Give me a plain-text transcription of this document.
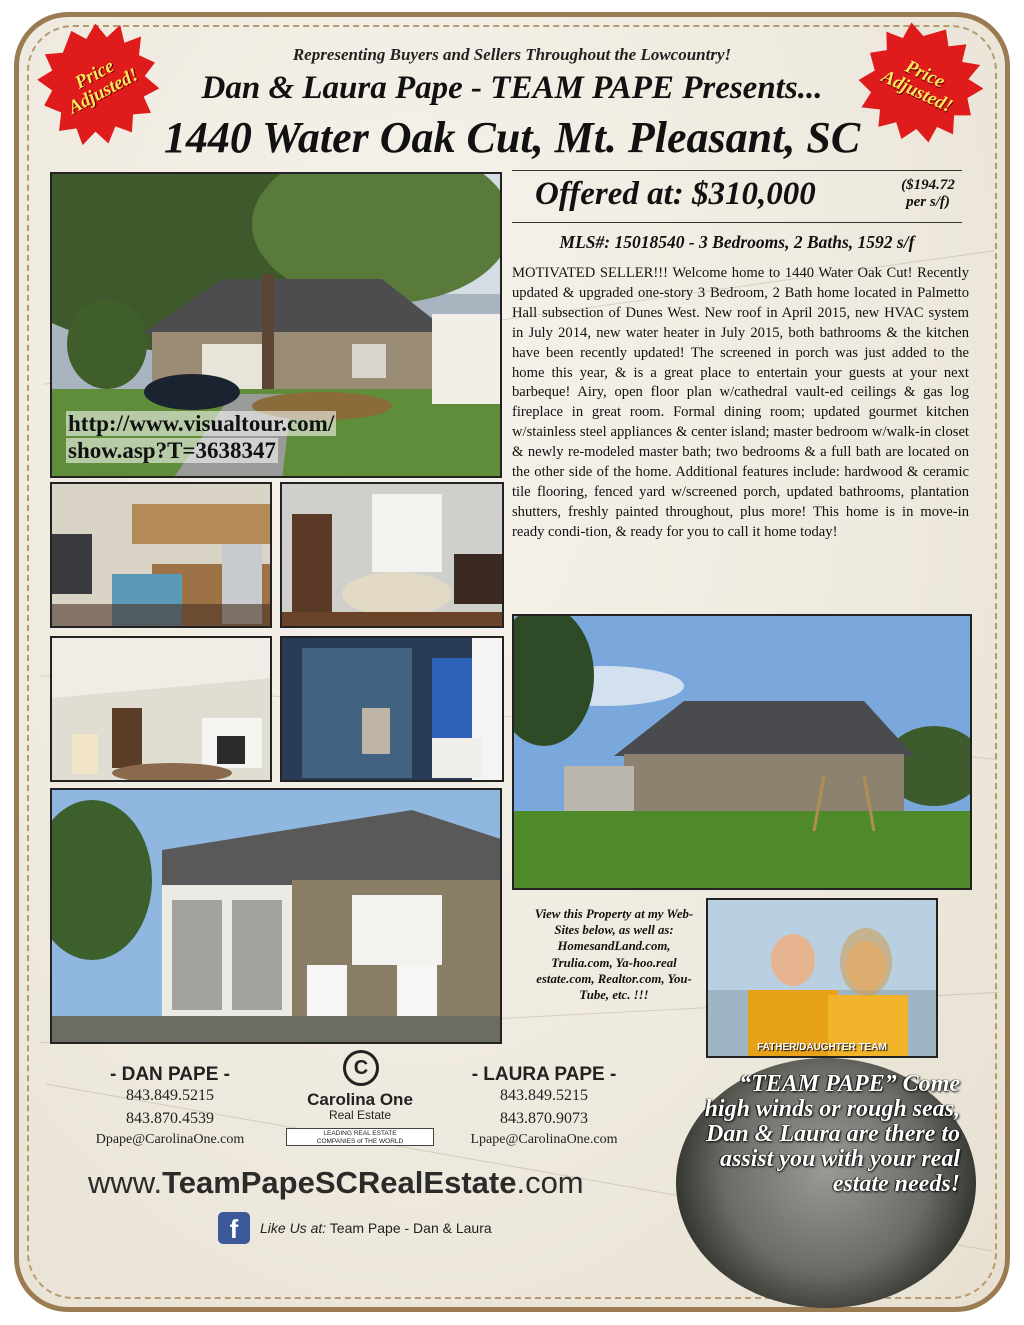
Price
Adjusted!	Price
Adjusted!
Representing Buyers and Sellers Throughout the Lowcountry!
Dan & Laura Pape - TEAM PAPE Presents...
1440 Water Oak Cut, Mt. Pleasant, SC
http://www.visualtour.com/
show.asp?T=3638347
Offered at: $310,000	($194.72
per s/f)
MLS#: 15018540 - 3 Bedrooms, 2 Baths, 1592 s/f
MOTIVATED SELLER!!! Welcome home to 1440 Water Oak Cut! Recently updated & upgraded one-story 3 Bedroom, 2 Bath home located in Palmetto Hall subsection of Dunes West. New roof in April 2015, new HVAC system in July 2014, new water heater in July 2015, both bathrooms & the kitchen have been recently updated! The screened in porch was just added to the home this year, & is a great place to entertain your guests at your next barbeque! Airy, open floor plan w/cathedral vault-ed ceilings & gas log fireplace in great room. Formal dining room; updated gourmet kitchen w/stainless steel appliances & center island; master bedroom w/walk-in closet & newly re-modeled master bath; two bedrooms & a full bath are located on the other side of the home. Additional features include: hardwood & ceramic tile flooring, fenced yard w/screened porch, updated bathrooms, plantation shutters, freshly painted throughout, plus more! This home is in move-in ready condi-tion, & ready for you to call it home today!
View this Property at my Web-Sites below, as well as: HomesandLand.com, Trulia.com, Ya-hoo.real estate.com, Realtor.com, You-Tube, etc. !!!
FATHER/DAUGHTER TEAM
“TEAM PAPE” Come high winds or rough seas, Dan & Laura are there to assist you with your real estate needs!
- DAN PAPE -
843.849.5215
843.870.4539
Dpape@CarolinaOne.com
- LAURA PAPE -
843.849.5215
843.870.9073
Lpape@CarolinaOne.com
C
Carolina One
Real Estate
LEADING REAL ESTATE
COMPANIES of THE WORLD
www.TeamPapeSCRealEstate.com
f	Like Us at: Team Pape - Dan & Laura
